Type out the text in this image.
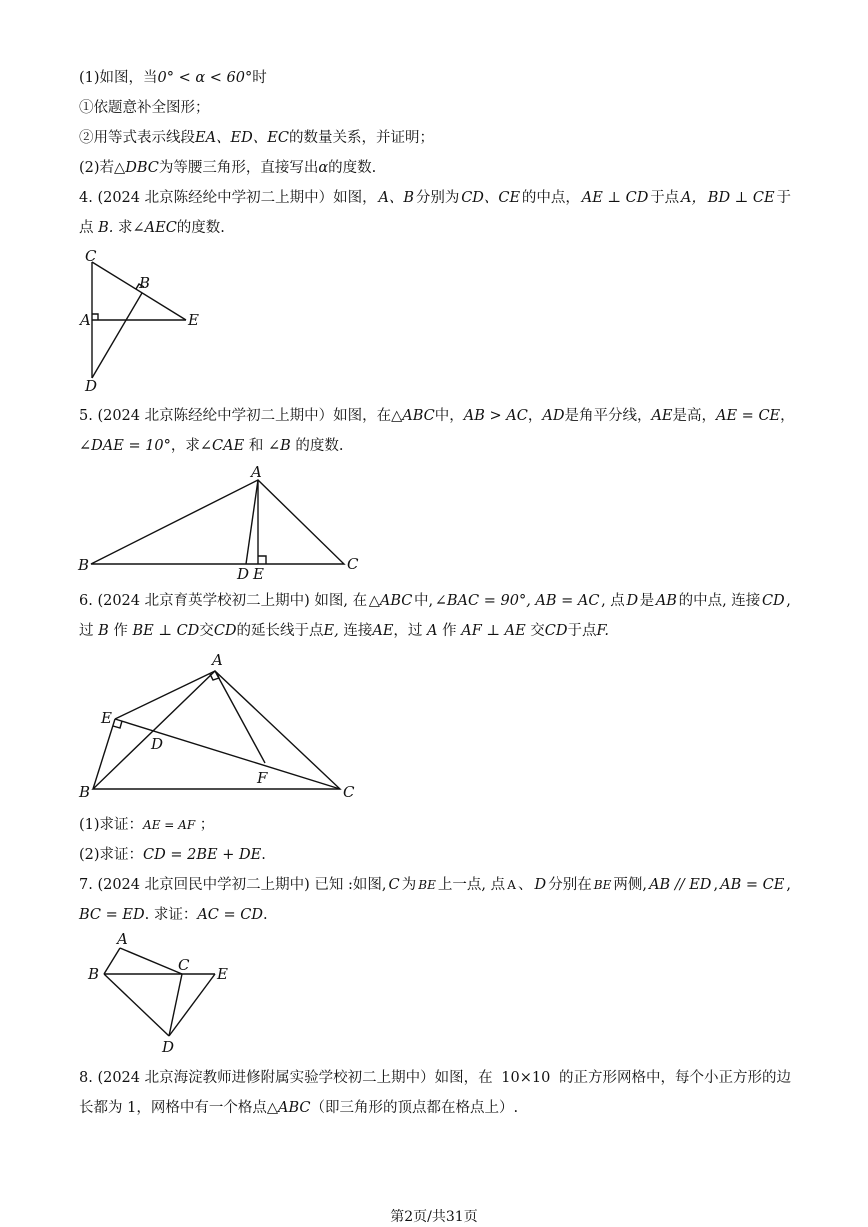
(1)如图，当0° < α < 60°时
①依题意补全图形；
②用等式表示线段EA、ED、EC的数量关系，并证明；
(2)若△DBC为等腰三角形，直接写出α的度数.
4. (2024 北京陈经纶中学初二上期中）如图， A、B 分别为 CD、CE 的中点， AE ⊥ CD 于点 A， BD ⊥ CE 于
点 B. 求∠AEC的度数.
C
B
A	E
D
5. (2024 北京陈经纶中学初二上期中）如图，在 △ABC 中， AB > AC ， AD 是角平分线， AE 是高， AE = CE ，
∠DAE = 10°，求∠CAE 和 ∠B 的度数.
A
B	D E
C
6. (2024 北京育英学校初二上期中) 如图, 在 △ABC 中, ∠BAC = 90°, AB = AC , 点 D 是 AB 的中点, 连接 CD ,
过 B 作 BE ⊥ CD交CD的延长线于点E, 连接AE，过 A 作 AF ⊥ AE 交CD于点F.
A
E
D
F
B	C
(1)求证：AE = AF ；
(2)求证：CD = 2BE + DE.
7. (2024 北京回民中学初二上期中) 已知 :如图, C 为 BE 上一点, 点 A 、 D 分别在 BE 两侧, AB // ED , AB = CE ,
BC = ED. 求证：AC = CD.
A
B	C E
D
8. (2024 北京海淀教师进修附属实验学校初二上期中）如图，在 10×10 的正方形网格中，每个小正方形的边
长都为 1，网格中有一个格点△ABC（即三角形的顶点都在格点上）.
第2页/共31页
